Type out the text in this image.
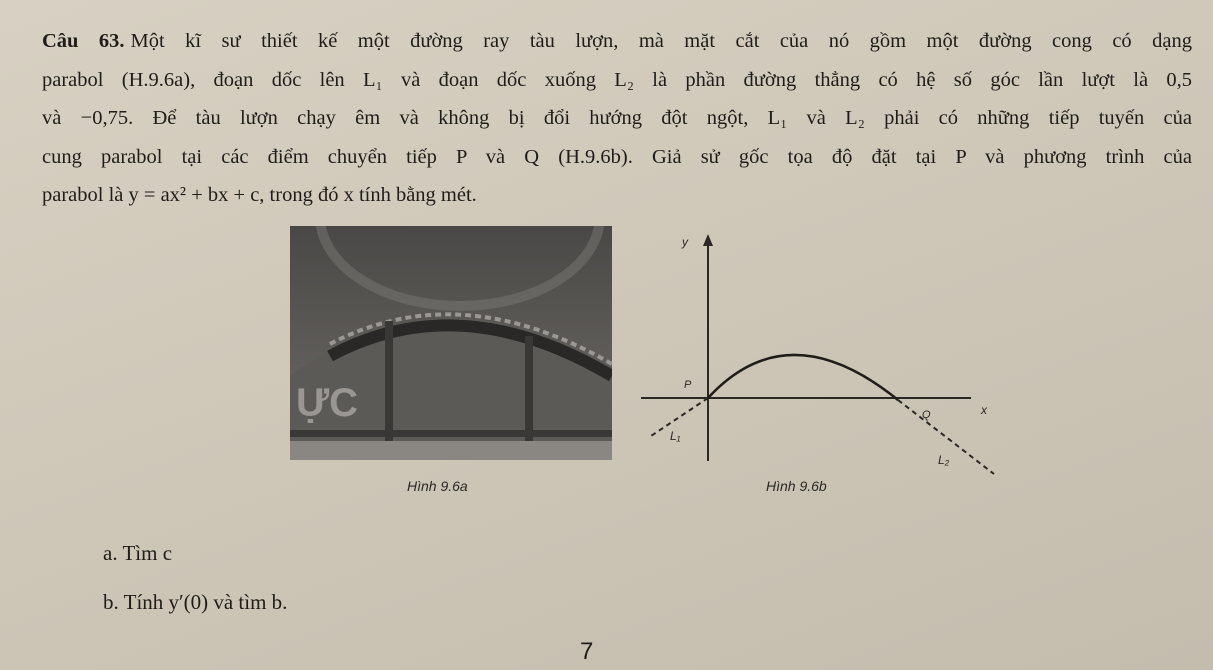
Câu 63. Một kĩ sư thiết kế một đường ray tàu lượn, mà mặt cắt của nó gồm một đường cong có dạng
parabol (H.9.6a), đoạn dốc lên L₁ và đoạn dốc xuống L₂ là phần đường thẳng có hệ số góc lần lượt là 0,5
và −0,75. Để tàu lượn chạy êm và không bị đổi hướng đột ngột, L₁ và L₂ phải có những tiếp tuyến của
cung parabol tại các điểm chuyển tiếp P và Q (H.9.6b). Giả sử gốc tọa độ đặt tại P và phương trình của
parabol là y = ax² + bx + c, trong đó x tính bằng mét.
ỰC
Hình 9.6a
y
x
P
Q
L₁
L₂
Hình 9.6b
a. Tìm c
b. Tính y′(0) và tìm b.
7
